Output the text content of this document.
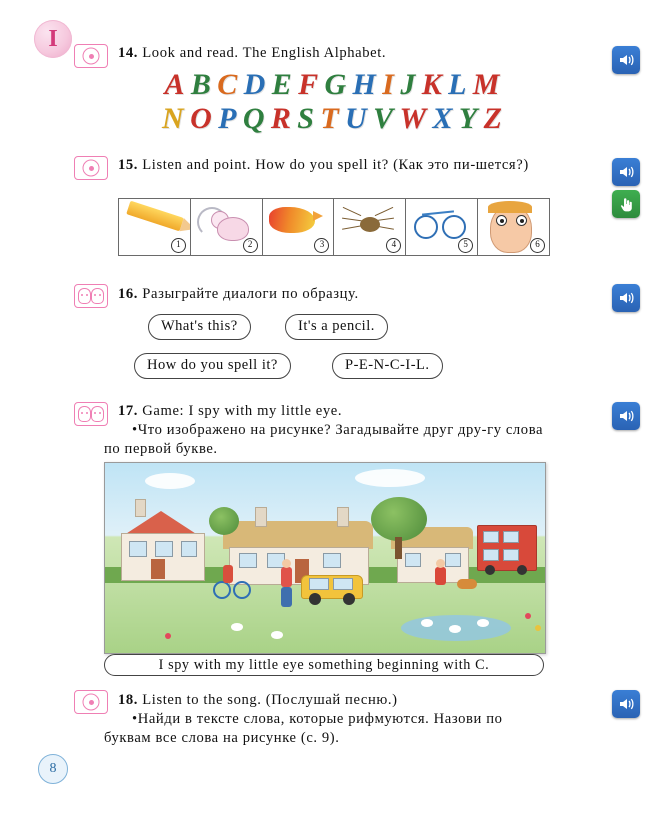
I
14. Look and read. The English Alphabet.
A B C D E F G H I J K L M
N O P Q R S T U V W X Y Z
15. Listen and point. How do you spell it? (Как это пи-шется?)
1	2	3	4	5	6
16. Разыграйте диалоги по образцу.
What's this?	It's a pencil.
How do you spell it?	P-E-N-C-I-L.
17. Game: I spy with my little eye.
•Что изображено на рисунке? Загадывайте друг дру-гу слова по первой букве.
I spy with my little eye something beginning with C.
18. Listen to the song. (Послушай песню.)
•Найди в тексте слова, которые рифмуются. Назови по буквам все слова на рисунке (с. 9).
8
